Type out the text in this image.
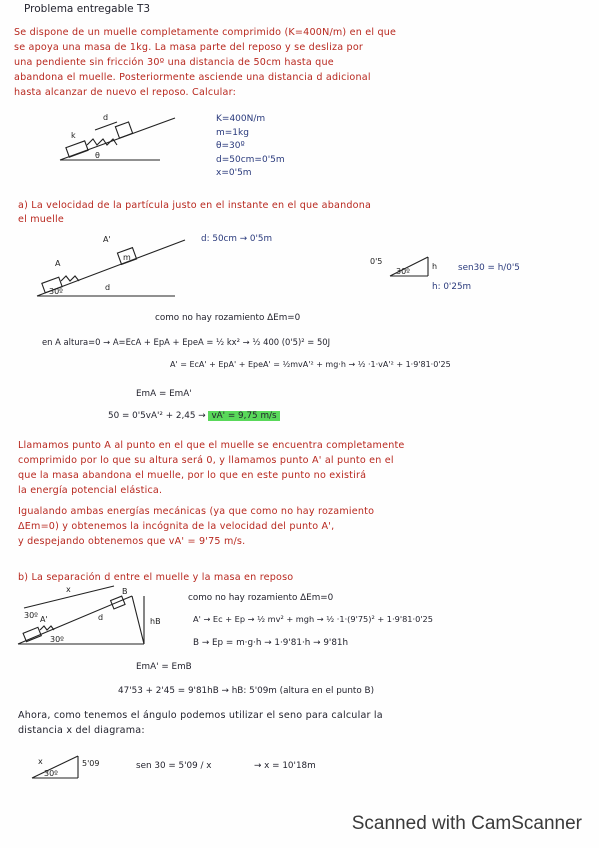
Problema entregable T3
Se dispone de un muelle completamente comprimido (K=400N/m) en el que
se apoya una masa de 1kg. La masa parte del reposo y se desliza por
una pendiente sin fricción 30º una distancia de 50cm hasta que
abandona el muelle. Posteriormente asciende una distancia d adicional
hasta alcanzar de nuevo el reposo. Calcular:
d
k
θ
K=400N/m
m=1kg
θ=30º
d=50cm=0'5m
x=0'5m
a) La velocidad de la partícula justo en el instante en el que abandona
el muelle
A
A'
m
d
30º
d: 50cm → 0'5m
0'5
30º
h sen30 = h/0'5
h: 0'25m
como no hay rozamiento ΔEm=0
en A altura=0 → A=EcA + EpA + EpeA = ½ kx² → ½ 400 (0'5)² = 50J
A' = EcA' + EpA' + EpeA' = ½mvA'² + mg·h → ½ ·1·vA'² + 1·9'81·0'25
EmA = EmA'
50 = 0'5vA'² + 2,45 → vA' = 9,75 m/s
Llamamos punto A al punto en el que el muelle se encuentra completamente
comprimido por lo que su altura será 0, y llamamos punto A' al punto en el
que la masa abandona el muelle, por lo que en este punto no existirá
la energía potencial elástica.
Igualando ambas energías mecánicas (ya que como no hay rozamiento
ΔEm=0) y obtenemos la incógnita de la velocidad del punto A',
y despejando obtenemos que vA' = 9'75 m/s.
b) La separación d entre el muelle y la masa en reposo
x	B
A'	d	hB
30º
30º
como no hay rozamiento ΔEm=0
A' → Ec + Ep → ½ mv² + mgh → ½ ·1·(9'75)² + 1·9'81·0'25
B → Ep = m·g·h → 1·9'81·h → 9'81h
EmA' = EmB
47'53 + 2'45 = 9'81hB → hB: 5'09m (altura en el punto B)
Ahora, como tenemos el ángulo podemos utilizar el seno para calcular la
distancia x del diagrama:
x
30º
5'09	sen 30 = 5'09 / x	→ x = 10'18m
Scanned with CamScanner
